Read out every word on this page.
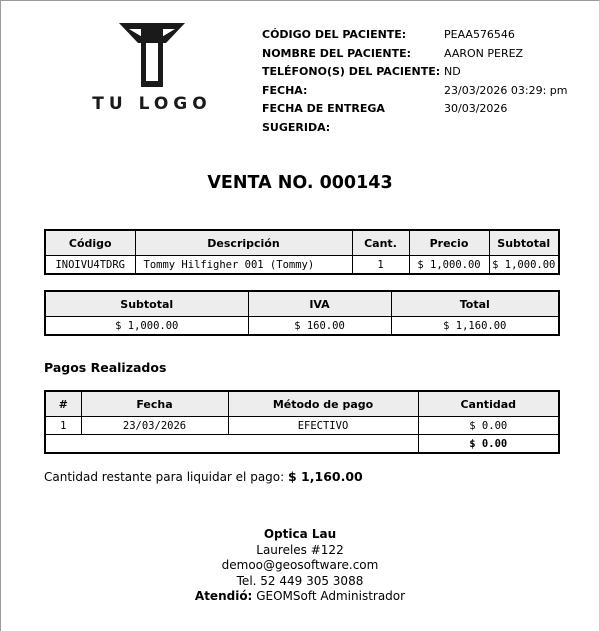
TU LOGO
CÓDIGO DEL PACIENTE:	PEAA576546
NOMBRE DEL PACIENTE:	AARON PEREZ
TELÉFONO(S) DEL PACIENTE: ND
FECHA:	23/03/2026 03:29: pm
FECHA DE ENTREGA SUGERIDA:
30/03/2026
VENTA NO. 000143
Código	Descripción	Cant.	Precio	Subtotal
INOIVU4TDRG	Tommy Hilfigher 001 (Tommy)	1	$ 1,000.00	$ 1,000.00
Subtotal	IVA	Total
$ 1,000.00	$ 160.00	$ 1,160.00
Pagos Realizados
#	Fecha	Método de pago	Cantidad
1	23/03/2026	EFECTIVO	$ 0.00
			$ 0.00
Cantidad restante para liquidar el pago: $ 1,160.00
Optica Lau
Laureles #122
demoo@geosoftware.com
Tel. 52 449 305 3088
Atendió: GEOMSoft Administrador
